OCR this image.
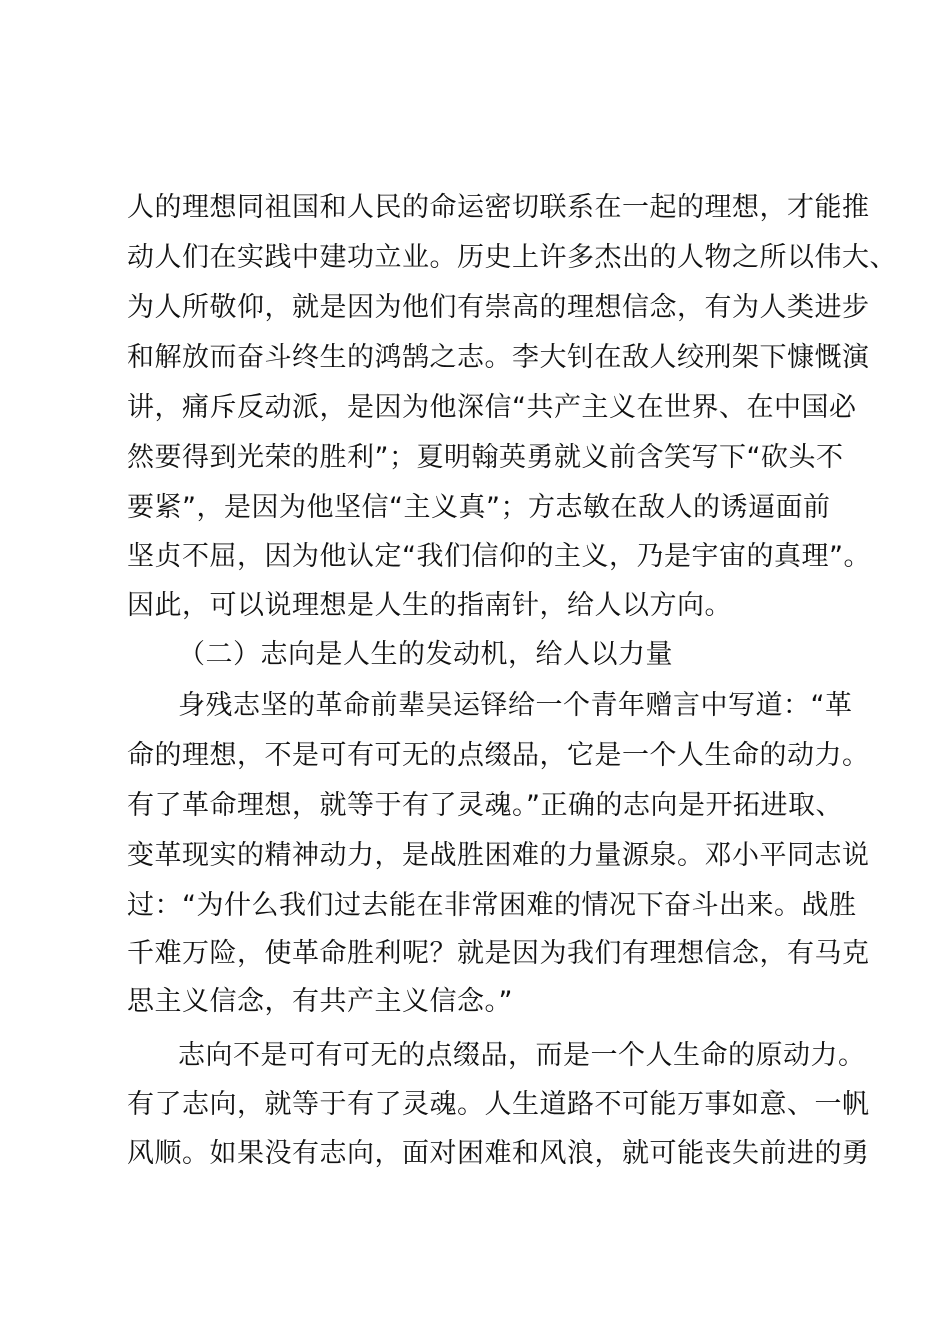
人的理想同祖国和人民的命运密切联系在一起的理想，才能推
动人们在实践中建功立业。历史上许多杰出的人物之所以伟大、
为人所敬仰，就是因为他们有崇高的理想信念，有为人类进步
和解放而奋斗终生的鸿鹄之志。李大钊在敌人绞刑架下慷慨演
讲，痛斥反动派，是因为他深信“共产主义在世界、在中国必
然要得到光荣的胜利”；夏明翰英勇就义前含笑写下“砍头不
要紧”，是因为他坚信“主义真”；方志敏在敌人的诱逼面前
坚贞不屈，因为他认定“我们信仰的主义，乃是宇宙的真理”。
因此，可以说理想是人生的指南针，给人以方向。
（二）志向是人生的发动机，给人以力量
身残志坚的革命前辈吴运铎给一个青年赠言中写道：“革
命的理想，不是可有可无的点缀品，它是一个人生命的动力。
有了革命理想，就等于有了灵魂。”正确的志向是开拓进取、
变革现实的精神动力，是战胜困难的力量源泉。邓小平同志说
过：“为什么我们过去能在非常困难的情况下奋斗出来。战胜
千难万险，使革命胜利呢？就是因为我们有理想信念，有马克
思主义信念，有共产主义信念。”
志向不是可有可无的点缀品，而是一个人生命的原动力。
有了志向，就等于有了灵魂。人生道路不可能万事如意、一帆
风顺。如果没有志向，面对困难和风浪，就可能丧失前进的勇
